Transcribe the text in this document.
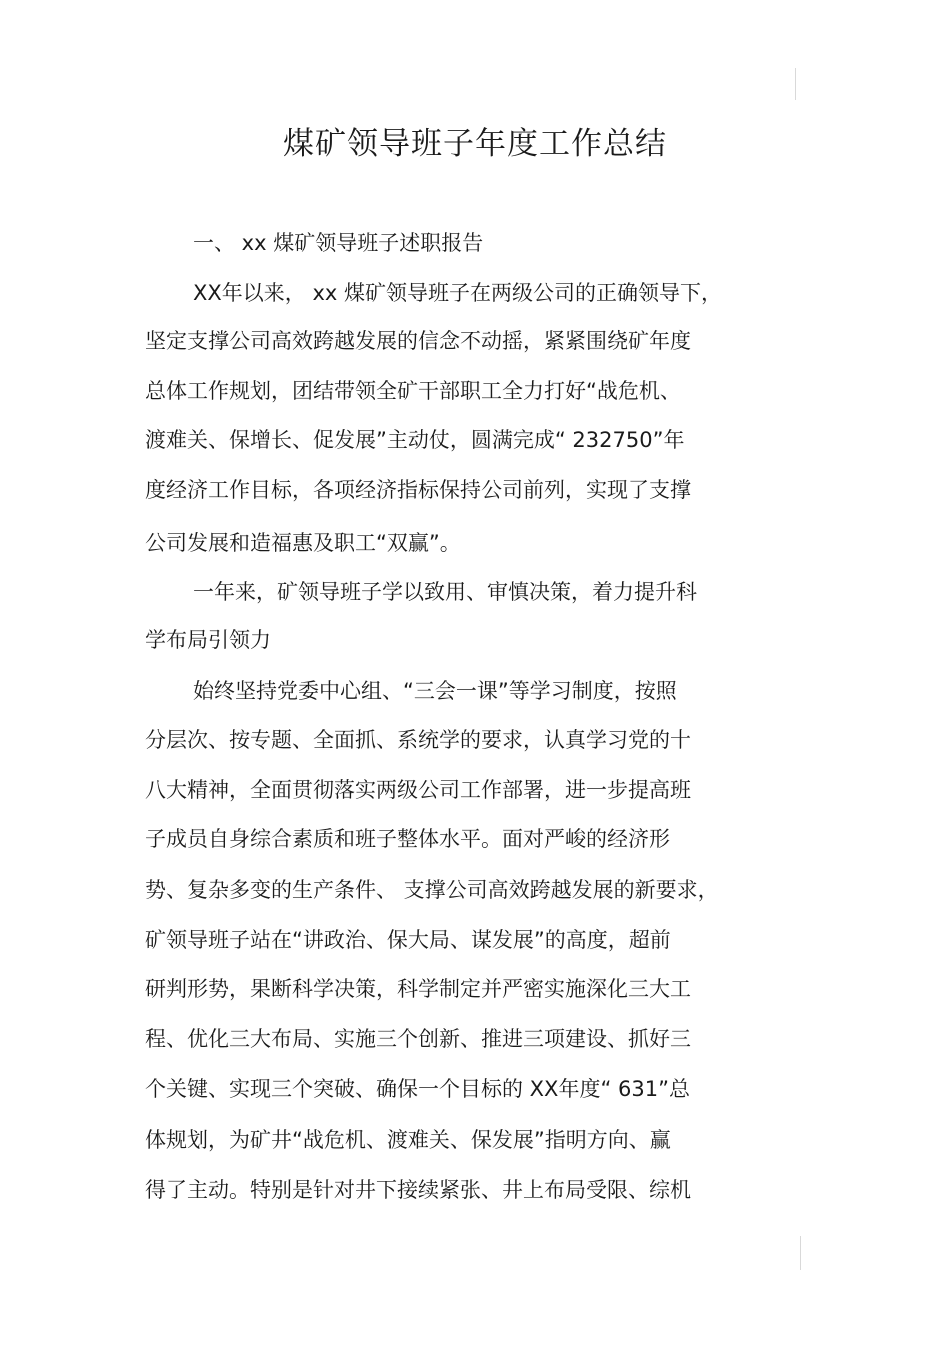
煤矿领导班子年度工作总结
一、 xx 煤矿领导班子述职报告
XX年以来， xx 煤矿领导班子在两级公司的正确领导下，
坚定支撑公司高效跨越发展的信念不动摇，紧紧围绕矿年度
总体工作规划，团结带领全矿干部职工全力打好“战危机、
渡难关、保增长、促发展”主动仗，圆满完成“ 232750”年
度经济工作目标，各项经济指标保持公司前列，实现了支撑
公司发展和造福惠及职工“双赢”。
一年来，矿领导班子学以致用、审慎决策，着力提升科
学布局引领力
始终坚持党委中心组、“三会一课”等学习制度，按照
分层次、按专题、全面抓、系统学的要求，认真学习党的十
八大精神，全面贯彻落实两级公司工作部署，进一步提高班
子成员自身综合素质和班子整体水平。面对严峻的经济形
势、复杂多变的生产条件、 支撑公司高效跨越发展的新要求，
矿领导班子站在“讲政治、保大局、谋发展”的高度，超前
研判形势，果断科学决策，科学制定并严密实施深化三大工
程、优化三大布局、实施三个创新、推进三项建设、抓好三
个关键、实现三个突破、确保一个目标的 XX年度“ 631”总
体规划，为矿井“战危机、渡难关、保发展”指明方向、赢
得了主动。特别是针对井下接续紧张、井上布局受限、综机
